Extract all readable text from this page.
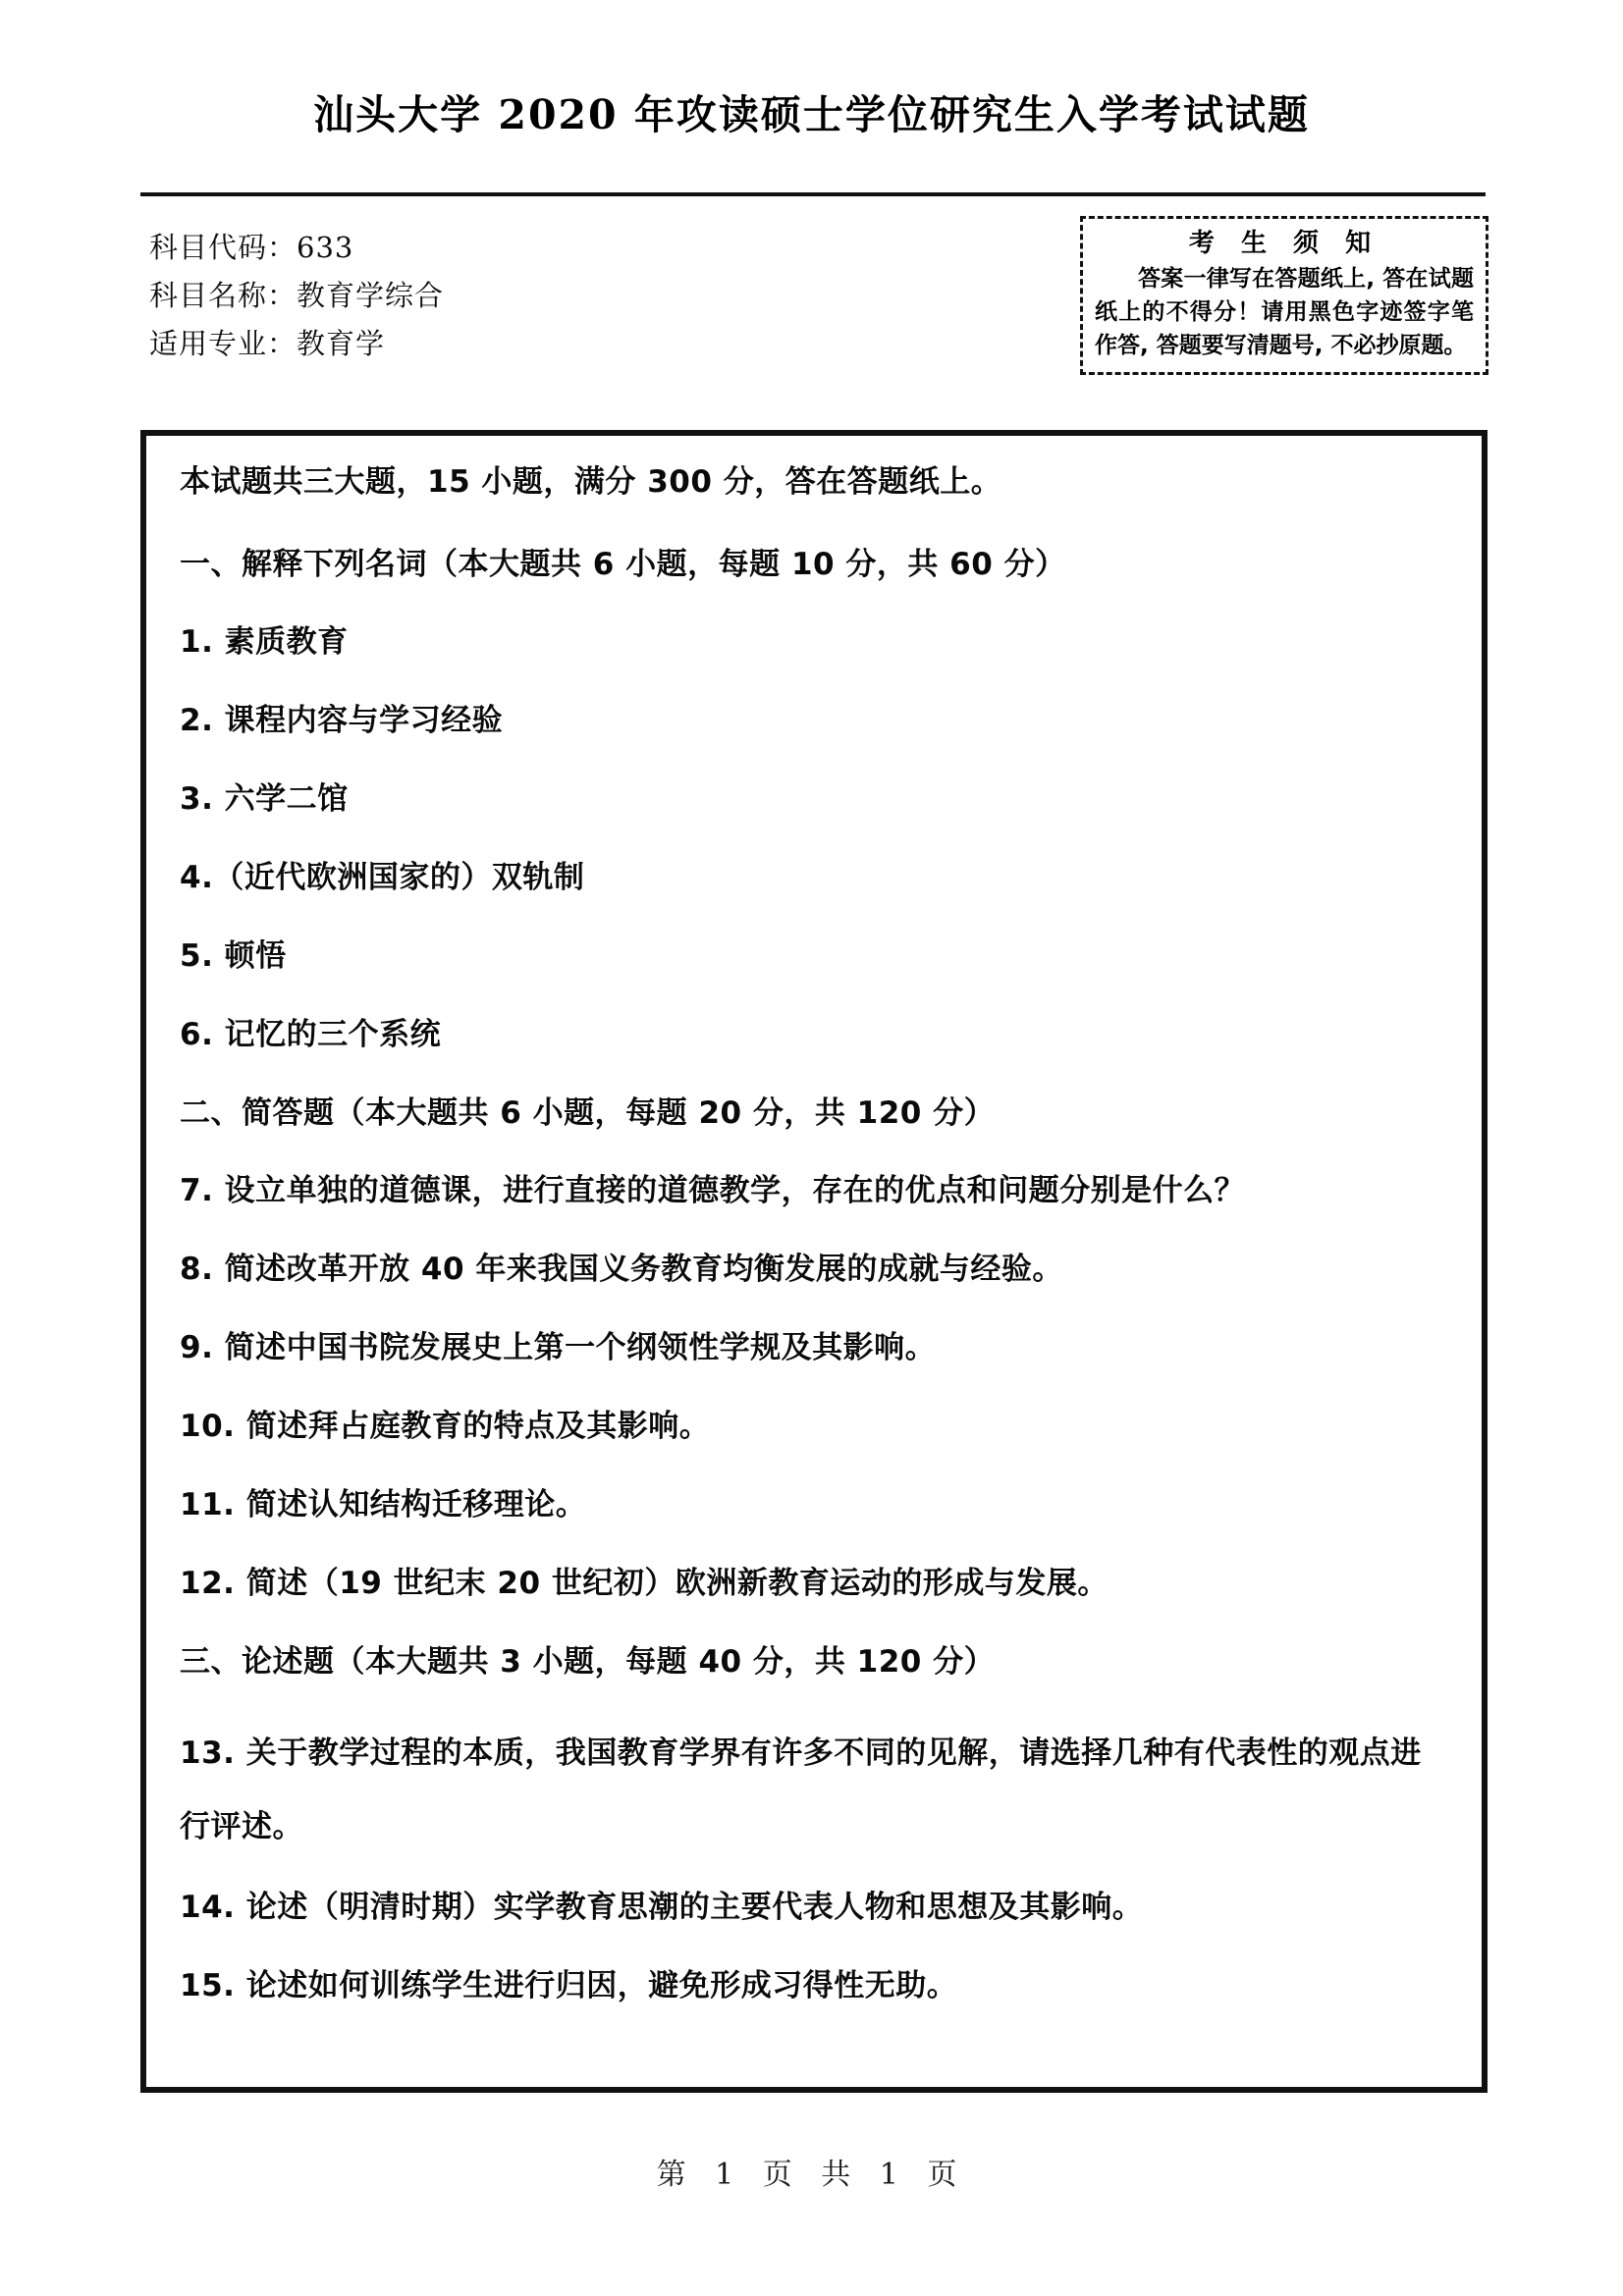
汕头大学 2020 年攻读硕士学位研究生入学考试试题
科目代码：633
科目名称：教育学综合
适用专业：教育学
考 生 须 知
答案一律写在答题纸上, 答在试题纸上的不得分！请用黑色字迹签字笔作答, 答题要写清题号, 不必抄原题。

本试题共三大题，15 小题，满分 300 分，答在答题纸上。

一、解释下列名词（本大题共 6 小题，每题 10 分，共 60 分）

1. 素质教育

2. 课程内容与学习经验

3. 六学二馆

4.（近代欧洲国家的）双轨制

5. 顿悟

6. 记忆的三个系统

二、简答题（本大题共 6 小题，每题 20 分，共 120 分）

7. 设立单独的道德课，进行直接的道德教学，存在的优点和问题分别是什么？

8. 简述改革开放 40 年来我国义务教育均衡发展的成就与经验。

9. 简述中国书院发展史上第一个纲领性学规及其影响。

10. 简述拜占庭教育的特点及其影响。

11. 简述认知结构迁移理论。

12. 简述（19 世纪末 20 世纪初）欧洲新教育运动的形成与发展。

三、论述题（本大题共 3 小题，每题 40 分，共 120 分）

13. 关于教学过程的本质，我国教育学界有许多不同的见解，请选择几种有代表性的观点进行评述。

14. 论述（明清时期）实学教育思潮的主要代表人物和思想及其影响。

15. 论述如何训练学生进行归因，避免形成习得性无助。

第 1 页 共 1 页
